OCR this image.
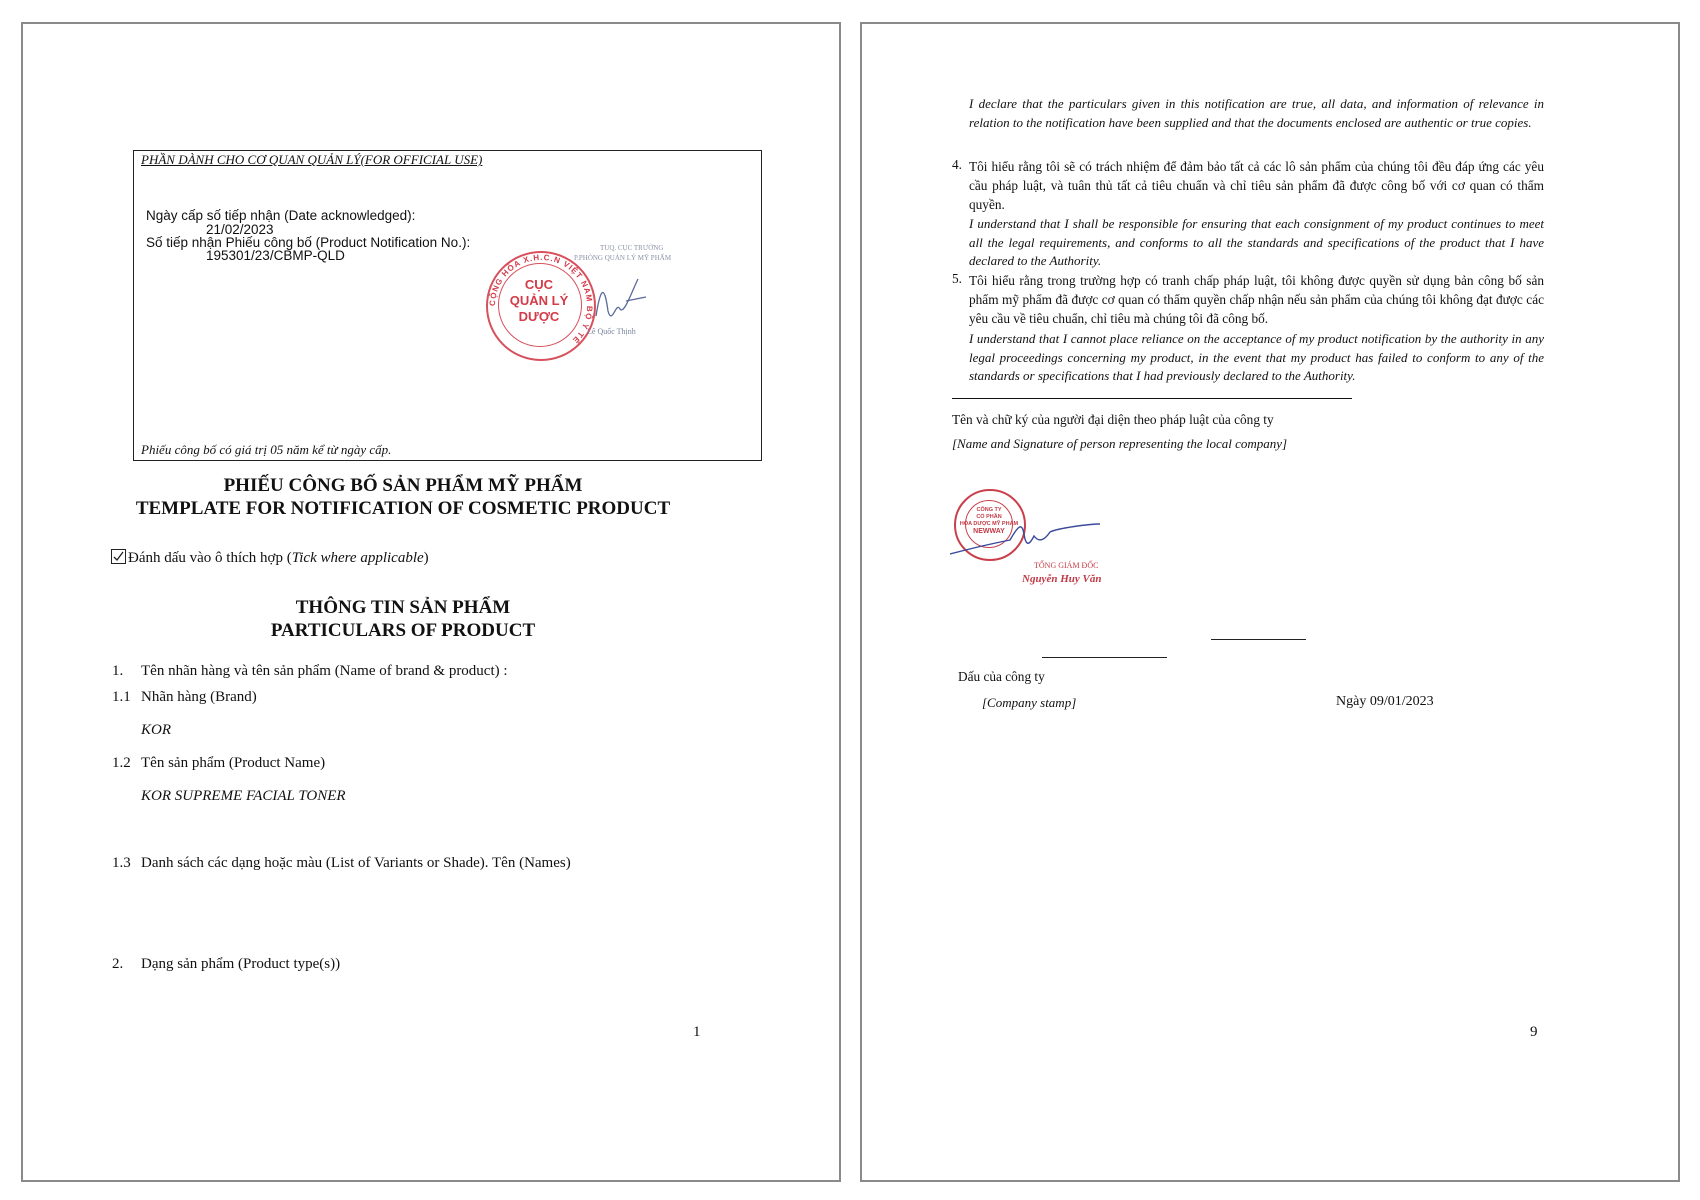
PHẦN DÀNH CHO CƠ QUAN QUẢN LÝ(FOR OFFICIAL USE)
Ngày cấp số tiếp nhận (Date acknowledged):
21/02/2023
Số tiếp nhận Phiếu công bố (Product Notification No.):
195301/23/CBMP-QLD
CỘNG HÒA X.H.C.N VIỆT NAM BỘ Y TẾ
CỤC
QUẢN LÝ
DƯỢC
TUQ. CỤC TRƯỞNG
P.PHÒNG QUẢN LÝ MỸ PHẨM
Lê Quốc Thịnh
Phiếu công bố có giá trị 05 năm kể từ ngày cấp.
PHIẾU CÔNG BỐ SẢN PHẨM MỸ PHẨM
TEMPLATE FOR NOTIFICATION OF COSMETIC PRODUCT
Đánh dấu vào ô thích hợp ( Tick where applicable )
THÔNG TIN SẢN PHẨM
PARTICULARS OF PRODUCT
1. Tên nhãn hàng và tên sản phẩm (Name of brand & product) :
1.1 Nhãn hàng (Brand)
KOR
1.2 Tên sản phẩm (Product Name)
KOR SUPREME FACIAL TONER
1.3 Danh sách các dạng hoặc màu (List of Variants or Shade). Tên (Names)
2. Dạng sản phẩm (Product type(s))
1
I declare that the particulars given in this notification are true, all data, and information of relevance in relation to the notification have been supplied and that the documents enclosed are authentic or true copies.
4. Tôi hiểu rằng tôi sẽ có trách nhiệm để đảm bảo tất cả các lô sản phẩm của chúng tôi đều đáp ứng các yêu cầu pháp luật, và tuân thủ tất cả tiêu chuẩn và chỉ tiêu sản phẩm đã được công bố với cơ quan có thẩm quyền.
I understand that I shall be responsible for ensuring that each consignment of my product continues to meet all the legal requirements, and conforms to all the standards and specifications of the product that I have declared to the Authority.
5. Tôi hiểu rằng trong trường hợp có tranh chấp pháp luật, tôi không được quyền sử dụng bản công bố sản phẩm mỹ phẩm đã được cơ quan có thẩm quyền chấp nhận nếu sản phẩm của chúng tôi không đạt được các yêu cầu về tiêu chuẩn, chỉ tiêu mà chúng tôi đã công bố.
I understand that I cannot place reliance on the acceptance of my product notification by the authority in any legal proceedings concerning my product, in the event that my product has failed to conform to any of the standards or specifications that I had previously declared to the Authority.
Tên và chữ ký của người đại diện theo pháp luật của công ty
[Name and Signature of person representing the local company]
CÔNG TY
CỔ PHẦN
HÓA DƯỢC MỸ PHẨM
NEWWAY
TỔNG GIÁM ĐỐC
Nguyễn Huy Văn
Dấu của công ty
[Company stamp]	Ngày 09/01/2023
9
